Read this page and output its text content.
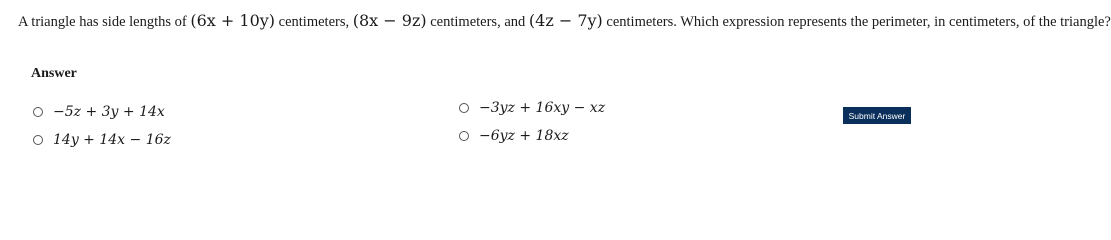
A triangle has side lengths of (6x + 10y) centimeters, (8x − 9z) centimeters, and (4z − 7y) centimeters. Which expression represents the perimeter, in centimeters, of the triangle?
Answer
−5z + 3y + 14x
14y + 14x − 16z
−3yz + 16xy − xz
−6yz + 18xz
Submit Answer
